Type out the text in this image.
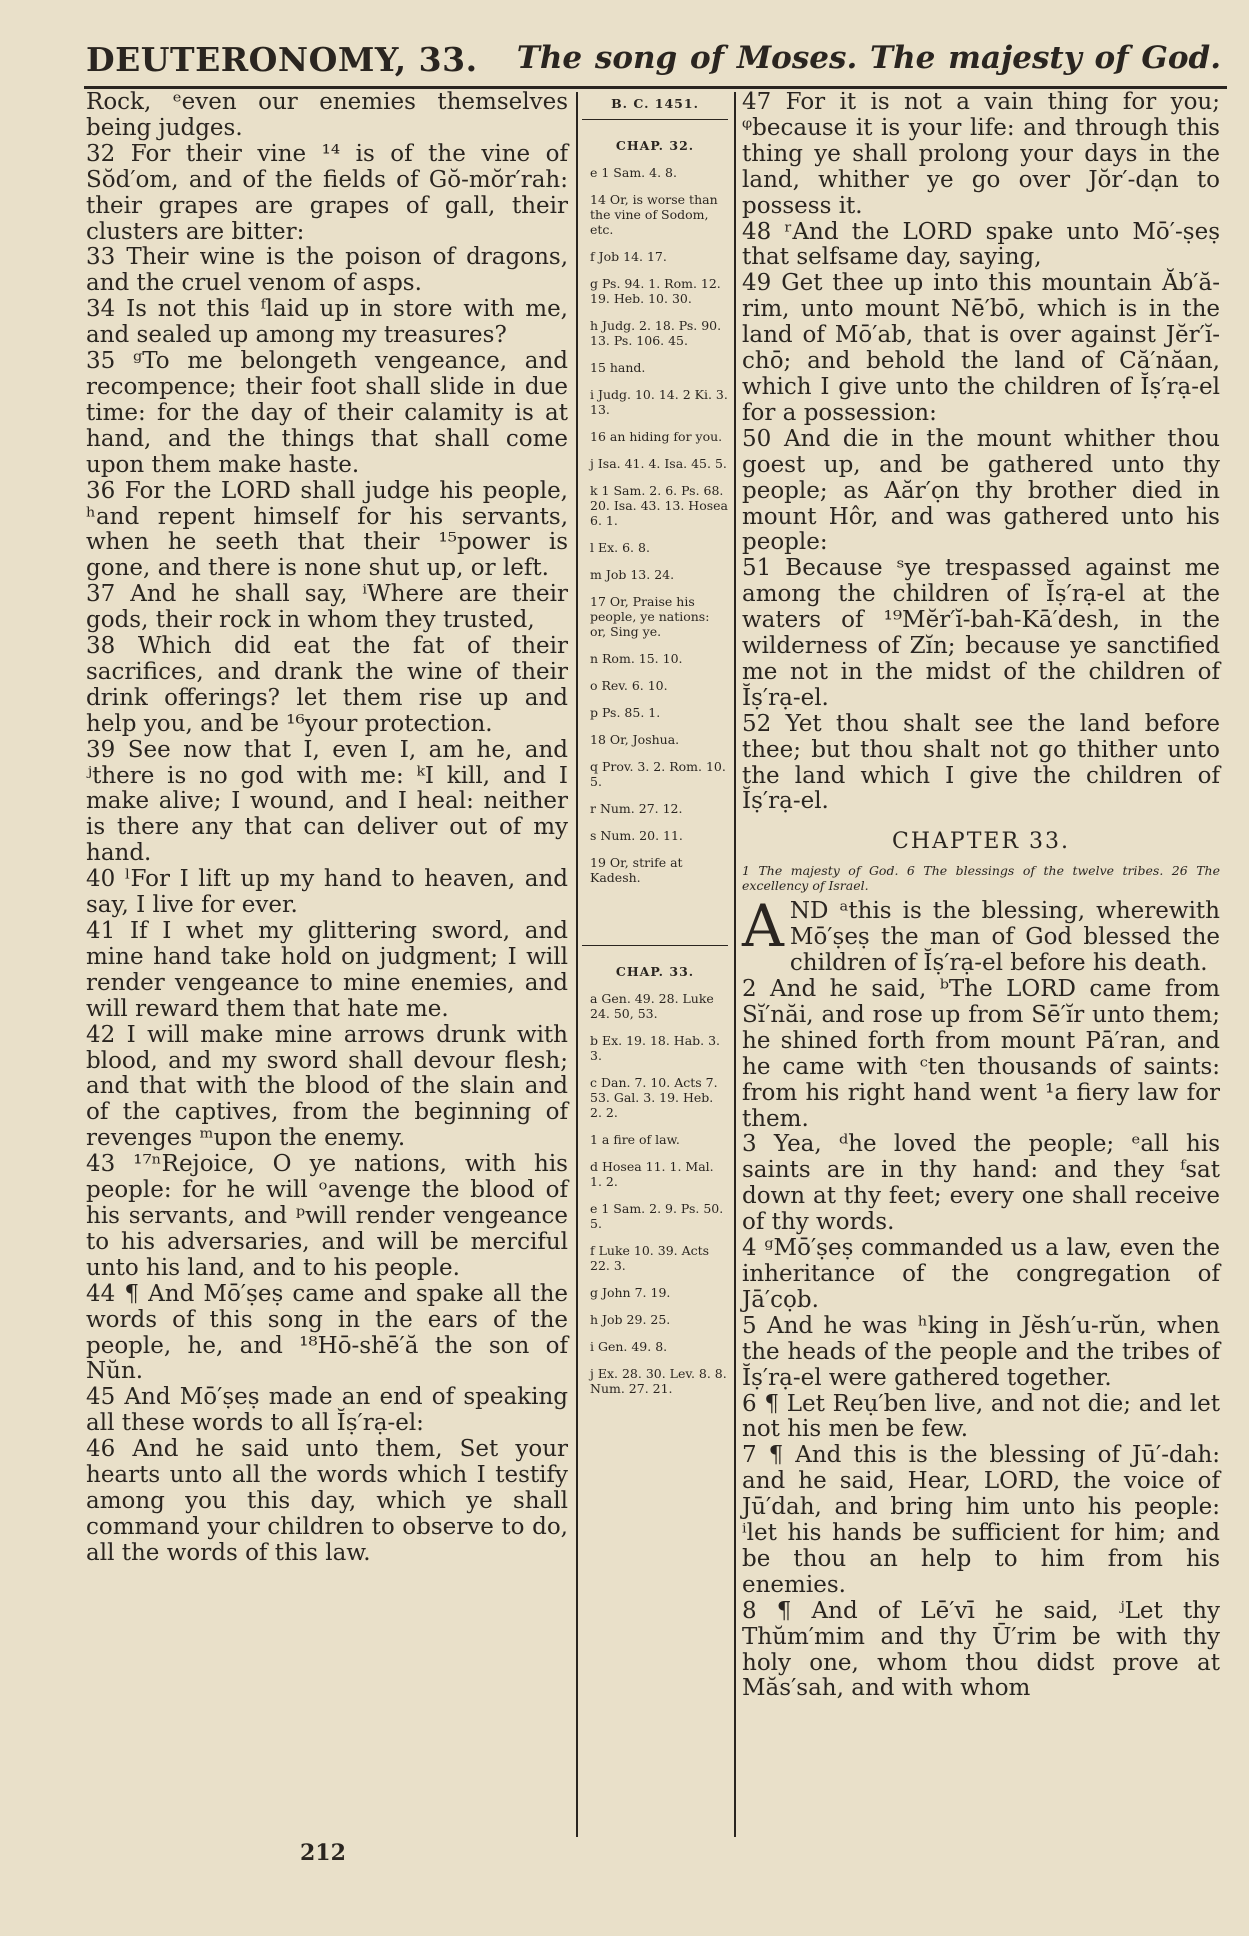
DEUTERONOMY, 33. The song of Moses. The majesty of God.

Rock, ᵉeven our enemies themselves being judges.

32 For their vine ¹⁴ is of the vine of Sŏd′om, and of the fields of Gŏ-mŏr′rah: their grapes are grapes of gall, their clusters are bitter:

33 Their wine is the poison of dragons, and the cruel venom of asps.

34 Is not this ᶠlaid up in store with me, and sealed up among my treasures?

35 ᵍTo me belongeth vengeance, and recompence; their foot shall slide in due time: for the day of their calamity is at hand, and the things that shall come upon them make haste.

36 For the LORD shall judge his people, ʰand repent himself for his servants, when he seeth that their ¹⁵power is gone, and there is none shut up, or left.

37 And he shall say, ⁱWhere are their gods, their rock in whom they trusted,

38 Which did eat the fat of their sacrifices, and drank the wine of their drink offerings? let them rise up and help you, and be ¹⁶your protection.

39 See now that I, even I, am he, and ʲthere is no god with me: ᵏI kill, and I make alive; I wound, and I heal: neither is there any that can deliver out of my hand.

40 ˡFor I lift up my hand to heaven, and say, I live for ever.

41 If I whet my glittering sword, and mine hand take hold on judgment; I will render vengeance to mine enemies, and will reward them that hate me.

42 I will make mine arrows drunk with blood, and my sword shall devour flesh; and that with the blood of the slain and of the captives, from the beginning of revenges ᵐupon the enemy.

43 ¹⁷ⁿRejoice, O ye nations, with his people: for he will ᵒavenge the blood of his servants, and ᵖwill render vengeance to his adversaries, and will be merciful unto his land, and to his people.

44 ¶ And Mō′ṣeṣ came and spake all the words of this song in the ears of the people, he, and ¹⁸Hō-shē′ă the son of Nŭn.

45 And Mō′ṣeṣ made an end of speaking all these words to all Ĭṣ′rạ-el:

46 And he said unto them, Set your hearts unto all the words which I testify among you this day, which ye shall command your children to observe to do, all the words of this law.

B. C. 1451.
CHAP. 32.
e 1 Sam. 4. 8.
14 Or, is worse than the vine of Sodom, etc.
f Job 14. 17.
g Ps. 94. 1. Rom. 12. 19. Heb. 10. 30.
h Judg. 2. 18. Ps. 90. 13. Ps. 106. 45.
15 hand.
i Judg. 10. 14. 2 Ki. 3. 13.
16 an hiding for you.
j Isa. 41. 4. Isa. 45. 5.
k 1 Sam. 2. 6. Ps. 68. 20. Isa. 43. 13. Hosea 6. 1.
l Ex. 6. 8.
m Job 13. 24.
17 Or, Praise his people, ye nations: or, Sing ye.
n Rom. 15. 10.
o Rev. 6. 10.
p Ps. 85. 1.
18 Or, Joshua.
q Prov. 3. 2. Rom. 10. 5.
r Num. 27. 12.
s Num. 20. 11.
19 Or, strife at Kadesh.
CHAP. 33.
a Gen. 49. 28. Luke 24. 50, 53.
b Ex. 19. 18. Hab. 3. 3.
c Dan. 7. 10. Acts 7. 53. Gal. 3. 19. Heb. 2. 2.
1 a fire of law.
d Hosea 11. 1. Mal. 1. 2.
e 1 Sam. 2. 9. Ps. 50. 5.
f Luke 10. 39. Acts 22. 3.
g John 7. 19.
h Job 29. 25.
i Gen. 49. 8.
j Ex. 28. 30. Lev. 8. 8. Num. 27. 21.

47 For it is not a vain thing for you; ᵠbecause it is your life: and through this thing ye shall prolong your days in the land, whither ye go over Jŏr′-dạn to possess it.

48 ʳAnd the LORD spake unto Mō′-ṣeṣ that selfsame day, saying,

49 Get thee up into this mountain Ăb′ă-rim, unto mount Nē′bō, which is in the land of Mō′ab, that is over against Jĕr′ĭ-chō; and behold the land of Că′năan, which I give unto the children of Ĭṣ′rạ-el for a possession:

50 And die in the mount whither thou goest up, and be gathered unto thy people; as Aăr′ọn thy brother died in mount Hôr, and was gathered unto his people:

51 Because ˢye trespassed against me among the children of Ĭṣ′rạ-el at the waters of ¹⁹Mĕr′ĭ-bah-Kā′desh, in the wilderness of Zĭn; because ye sanctified me not in the midst of the children of Ĭṣ′rạ-el.

52 Yet thou shalt see the land before thee; but thou shalt not go thither unto the land which I give the children of Ĭṣ′rạ-el.

CHAPTER 33.
1 The majesty of God. 6 The blessings of the twelve tribes. 26 The excellency of Israel.
A ND ᵃthis is the blessing, wherewith Mō′ṣeṣ the man of God blessed the children of Ĭṣ′rạ-el before his death.

2 And he said, ᵇThe LORD came from Sĭ′năi, and rose up from Sē′ĭr unto them; he shined forth from mount Pā′ran, and he came with ᶜten thousands of saints: from his right hand went ¹a fiery law for them.

3 Yea, ᵈhe loved the people; ᵉall his saints are in thy hand: and they ᶠsat down at thy feet; every one shall receive of thy words.

4 ᵍMō′ṣeṣ commanded us a law, even the inheritance of the congregation of Jā′cọb.

5 And he was ʰking in Jĕsh′u-rŭn, when the heads of the people and the tribes of Ĭṣ′rạ-el were gathered together.

6 ¶ Let Reụ′ben live, and not die; and let not his men be few.

7 ¶ And this is the blessing of Jū′-dah: and he said, Hear, LORD, the voice of Jū′dah, and bring him unto his people: ⁱlet his hands be sufficient for him; and be thou an help to him from his enemies.

8 ¶ And of Lē′vī he said, ʲLet thy Thŭm′mim and thy Ū′rim be with thy holy one, whom thou didst prove at Măs′sah, and with whom

212
